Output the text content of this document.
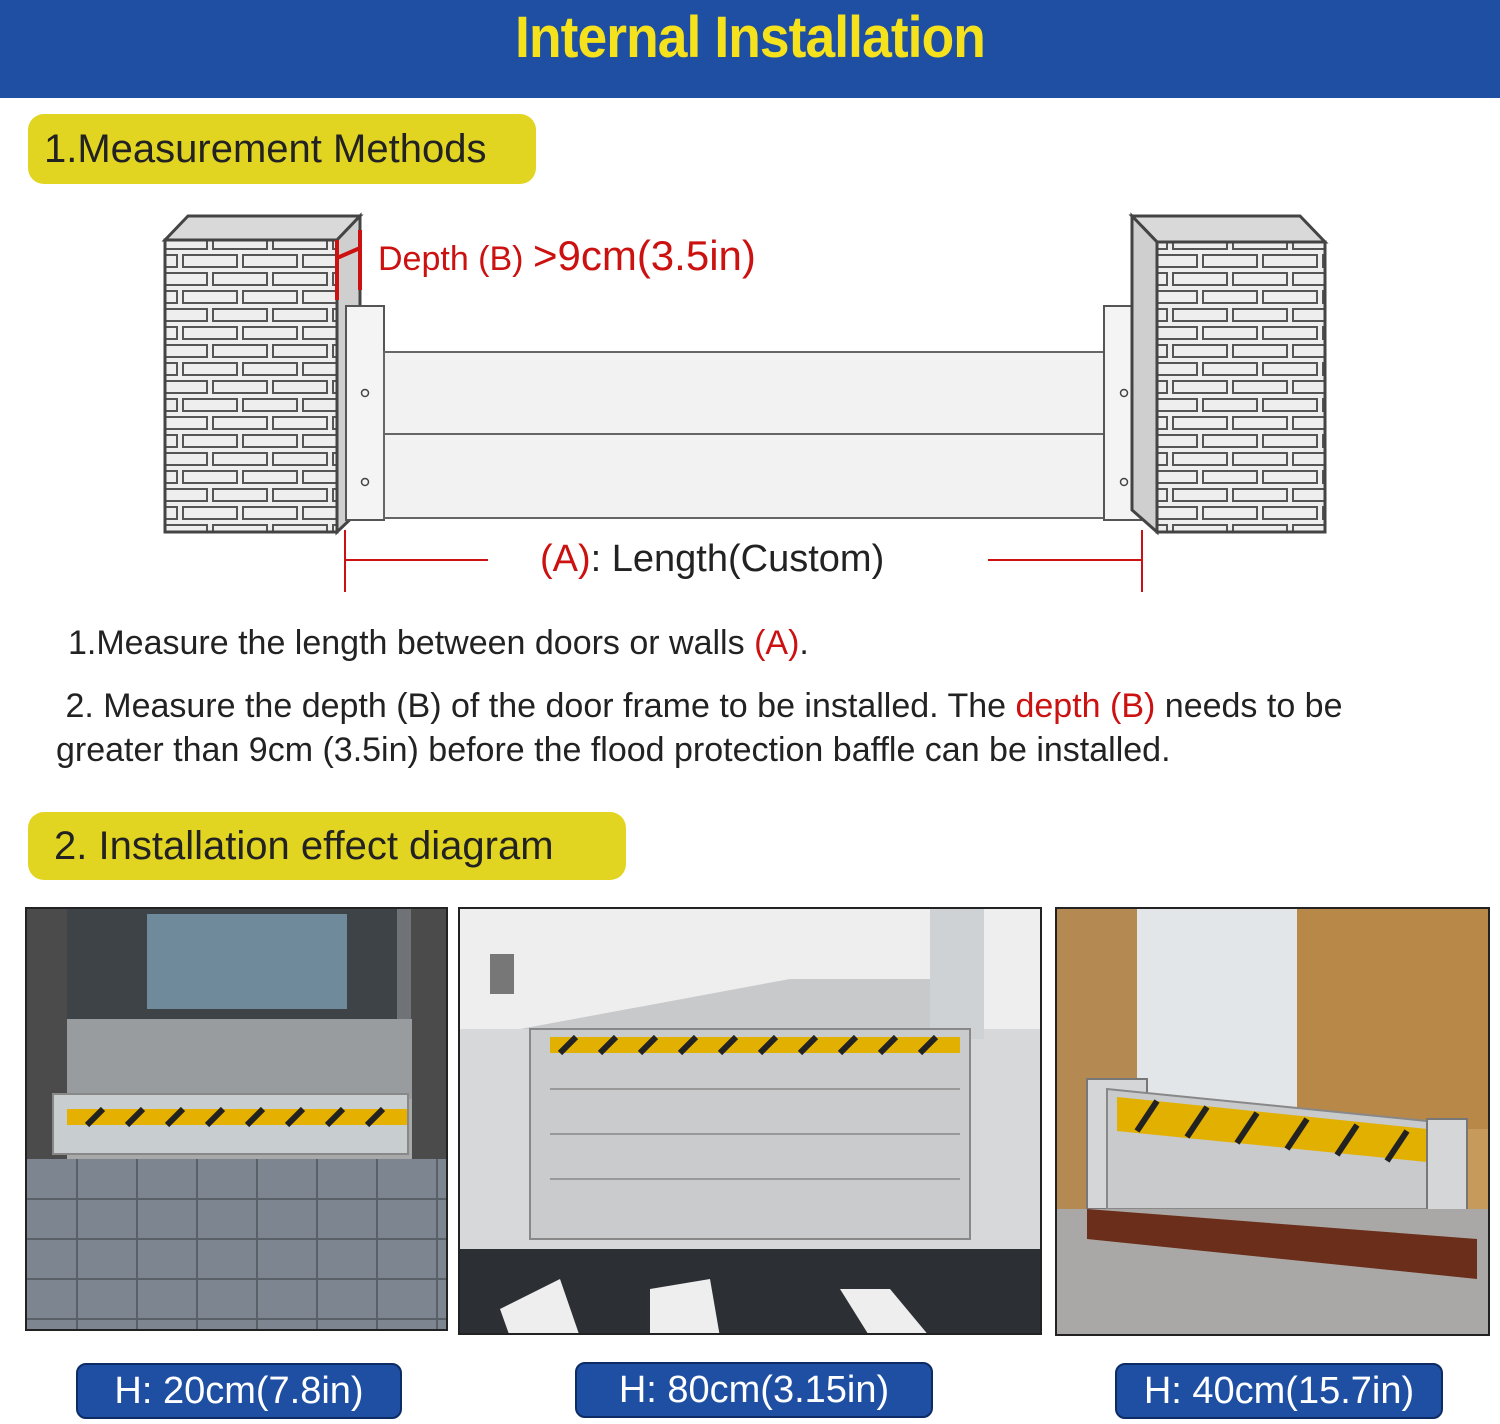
Internal Installation
1.Measurement Methods
Depth (B) >9cm(3.5in)
(A): Length(Custom)
1.Measure the length between doors or walls (A).
2. Measure the depth (B) of the door frame to be installed. The depth (B) needs to be greater than 9cm (3.5in) before the flood protection baffle can be installed.
2. Installation effect diagram
H: 20cm(7.8in)	H: 80cm(3.15in)	H: 40cm(15.7in)
